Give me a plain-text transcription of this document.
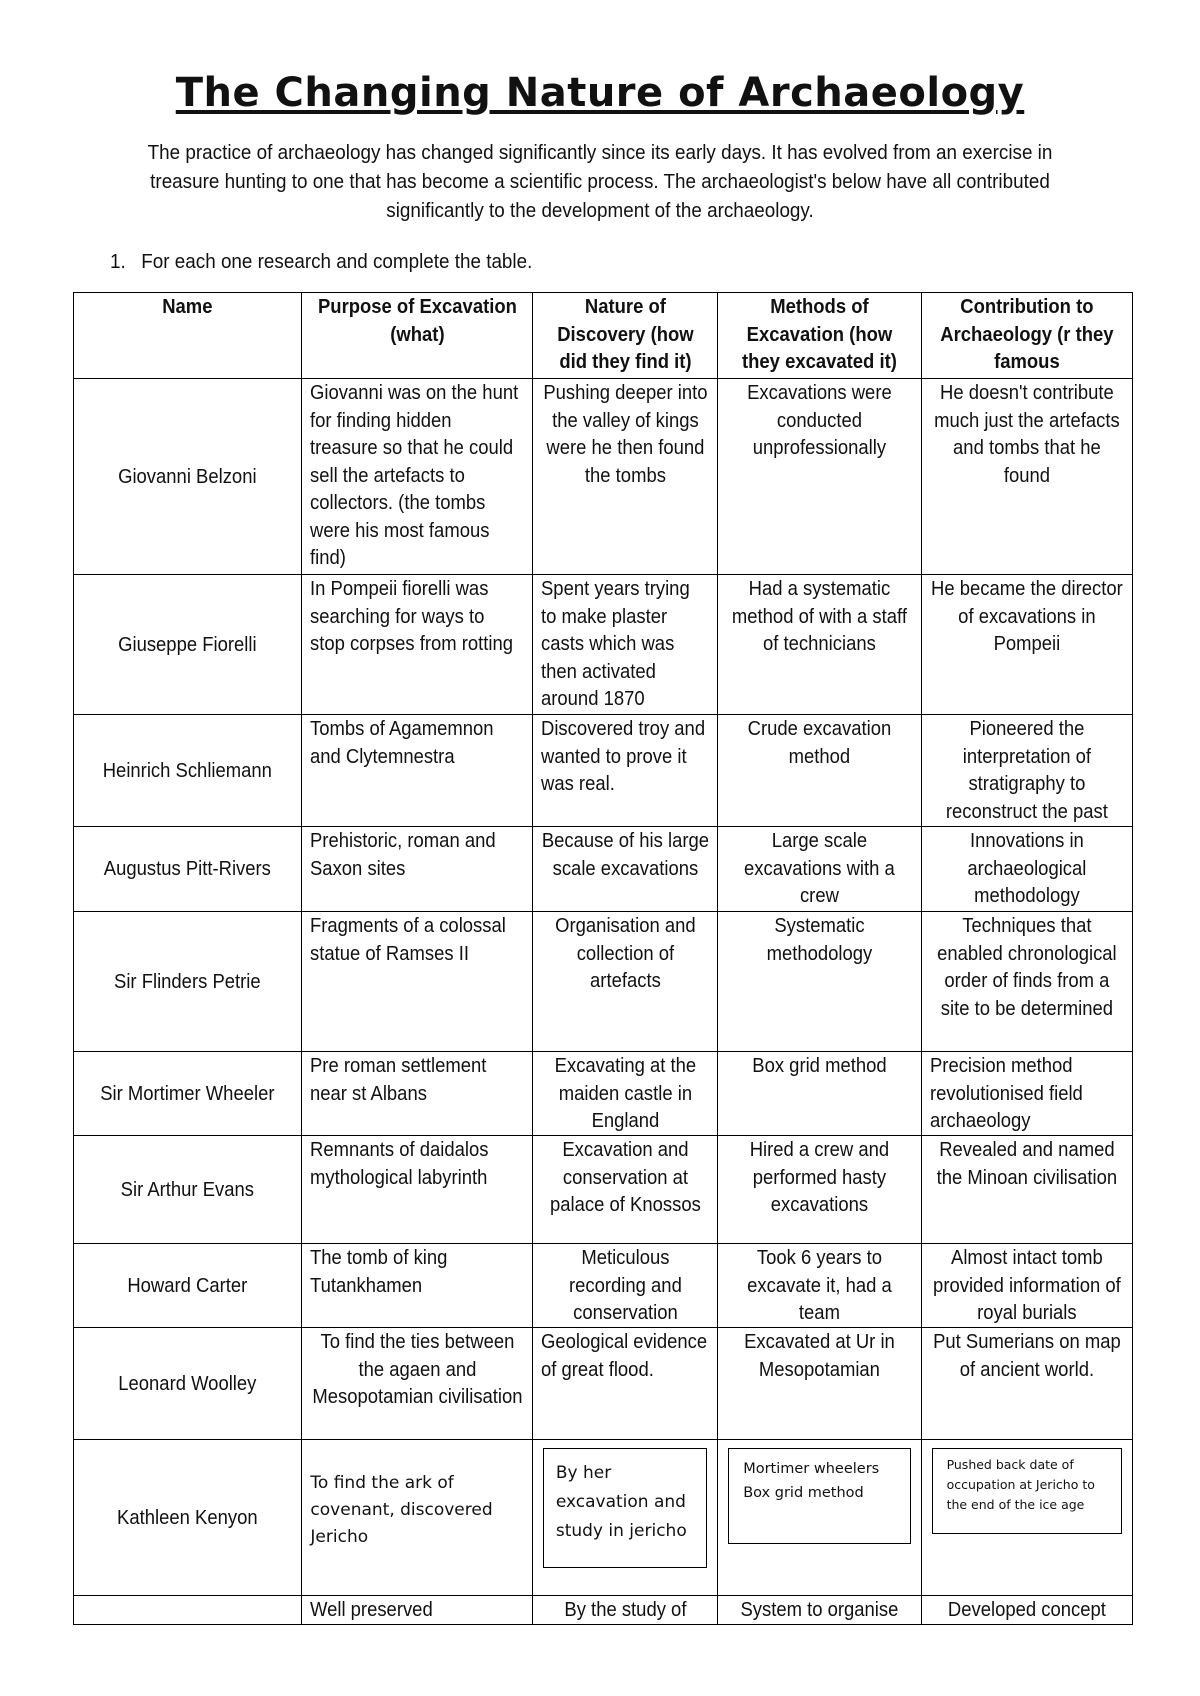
The Changing Nature of Archaeology

The practice of archaeology has changed significantly since its early days. It has evolved from an exercise in treasure hunting to one that has become a scientific process. The archaeologist's below have all contributed significantly to the development of the archaeology.

1. For each one research and complete the table.

Name	Purpose of Excavation (what)	Nature of Discovery (how did they find it)	Methods of Excavation (how they excavated it)	Contribution to Archaeology (r they famous
Giovanni Belzoni	Giovanni was on the hunt for finding hidden treasure so that he could sell the artefacts to collectors. (the tombs were his most famous find)	Pushing deeper into the valley of kings were he then found the tombs	Excavations were conducted unprofessionally	He doesn't contribute much just the artefacts and tombs that he found
Giuseppe Fiorelli	In Pompeii fiorelli was searching for ways to stop corpses from rotting	Spent years trying to make plaster casts which was then activated around 1870	Had a systematic method of with a staff of technicians	He became the director of excavations in Pompeii
Heinrich Schliemann	Tombs of Agamemnon and Clytemnestra	Discovered troy and wanted to prove it was real.	Crude excavation method	Pioneered the interpretation of stratigraphy to reconstruct the past
Augustus Pitt-Rivers	Prehistoric, roman and Saxon sites	Because of his large scale excavations	Large scale excavations with a crew	Innovations in archaeological methodology
Sir Flinders Petrie	Fragments of a colossal statue of Ramses II	Organisation and collection of artefacts	Systematic methodology	Techniques that enabled chronological order of finds from a site to be determined
Sir Mortimer Wheeler	Pre roman settlement near st Albans	Excavating at the maiden castle in England	Box grid method	Precision method revolutionised field archaeology
Sir Arthur Evans	Remnants of daidalos mythological labyrinth	Excavation and conservation at palace of Knossos	Hired a crew and performed hasty excavations	Revealed and named the Minoan civilisation
Howard Carter	The tomb of king Tutankhamen	Meticulous recording and conservation	Took 6 years to excavate it, had a team	Almost intact tomb provided information of royal burials
Leonard Woolley	To find the ties between the agaen and Mesopotamian civilisation	Geological evidence of great flood.	Excavated at Ur in Mesopotamian	Put Sumerians on map of ancient world.
Kathleen Kenyon	To find the ark of covenant, discovered Jericho	By her excavation and study in jericho	Mortimer wheelers Box grid method	Pushed back date of occupation at Jericho to the end of the ice age

	Well preserved	By the study of	System to organise	Developed concept
